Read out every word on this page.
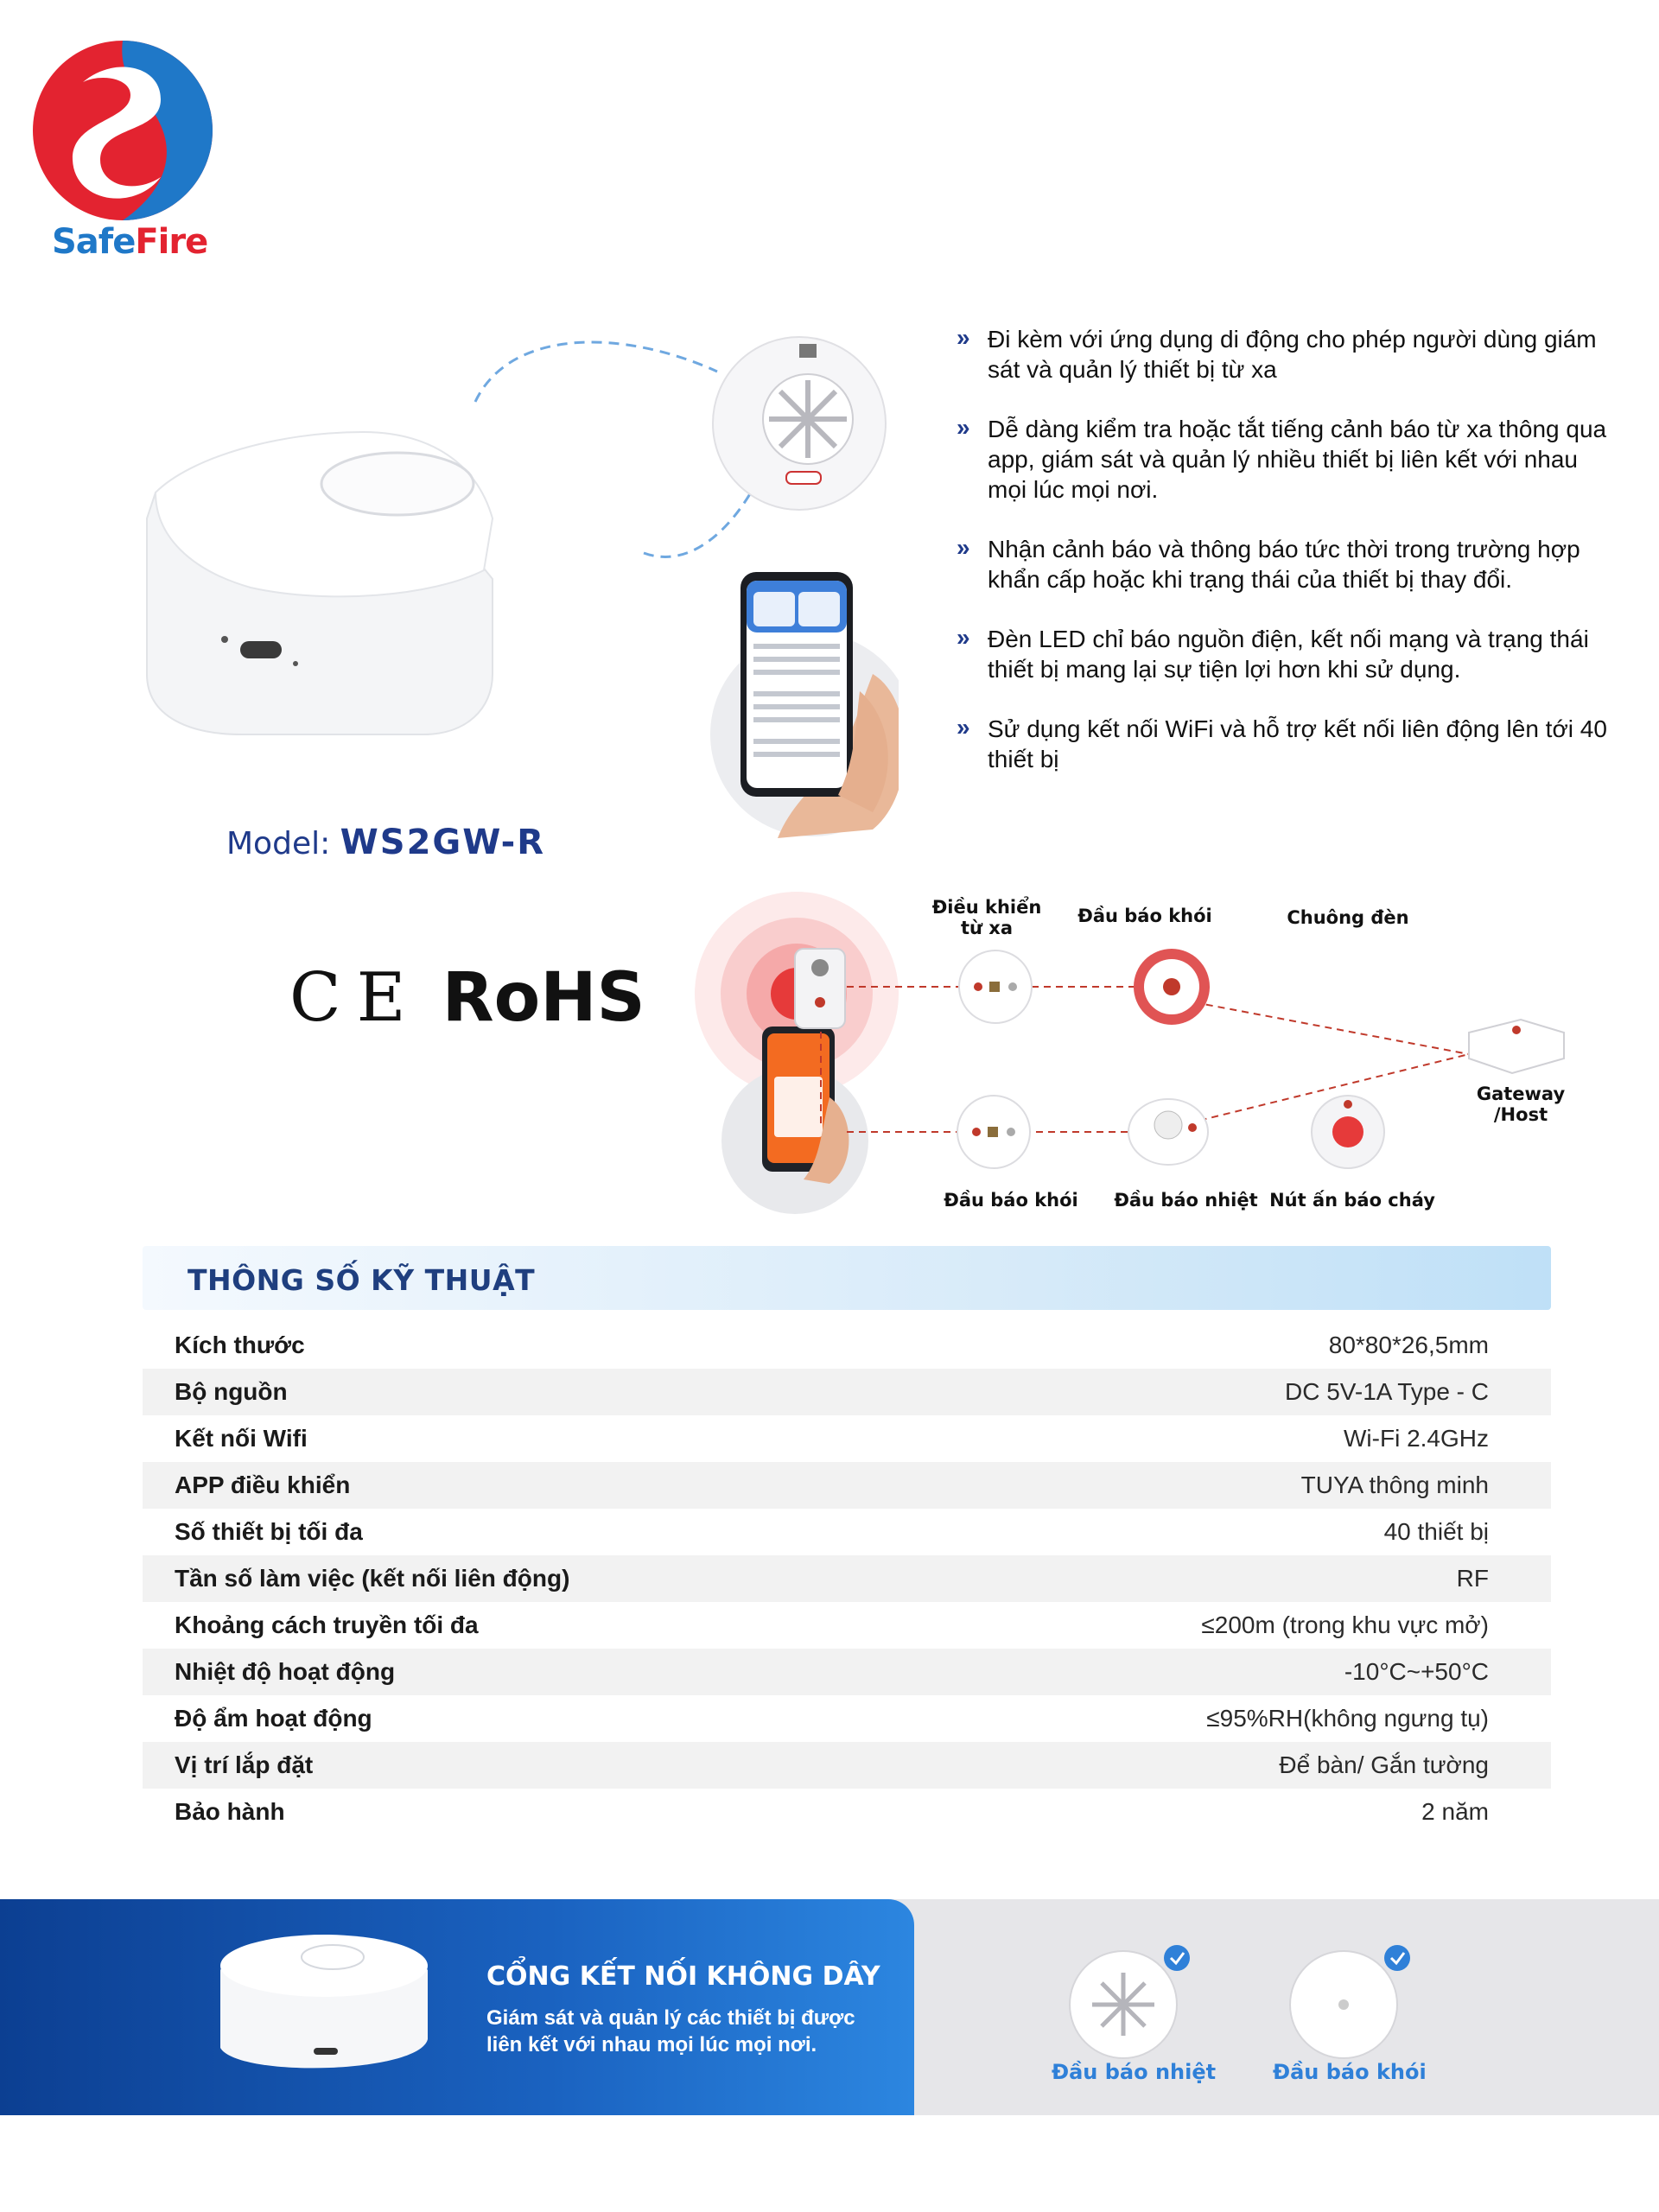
SafeFire
Model: WS2GW-R
» Đi kèm với ứng dụng di động cho phép người dùng giám sát và quản lý thiết bị từ xa
» Dễ dàng kiểm tra hoặc tắt tiếng cảnh báo từ xa thông qua app, giám sát và quản lý nhiều thiết bị liên kết với nhau mọi lúc mọi nơi.
» Nhận cảnh báo và thông báo tức thời trong trường hợp khẩn cấp hoặc khi trạng thái của thiết bị thay đổi.
» Đèn LED chỉ báo nguồn điện, kết nối mạng và trạng thái thiết bị mang lại sự tiện lợi hơn khi sử dụng.
» Sử dụng kết nối WiFi và hỗ trợ kết nối liên động lên tới 40 thiết bị
CE RoHS
Điều khiển
từ xa
Đầu báo khói	Chuông đèn
Gateway
/Host
Đầu báo khói	Đầu báo nhiệt Nút ấn báo cháy
THÔNG SỐ KỸ THUẬT
Kích thước	80*80*26,5mm
Bộ nguồn	DC 5V-1A Type - C
Kết nối Wifi	Wi-Fi 2.4GHz
APP điều khiển	TUYA thông minh
Số thiết bị tối đa	40 thiết bị
Tần số làm việc (kết nối liên động)	RF
Khoảng cách truyền tối đa	≤200m (trong khu vực mở)
Nhiệt độ hoạt động	-10°C~+50°C
Độ ẩm hoạt động	≤95%RH(không ngưng tụ)
Vị trí lắp đặt	Để bàn/ Gắn tường
Bảo hành	2 năm
CỔNG KẾT NỐI KHÔNG DÂY
Giám sát và quản lý các thiết bị được liên kết với nhau mọi lúc mọi nơi.
Đầu báo nhiệt	Đầu báo khói
